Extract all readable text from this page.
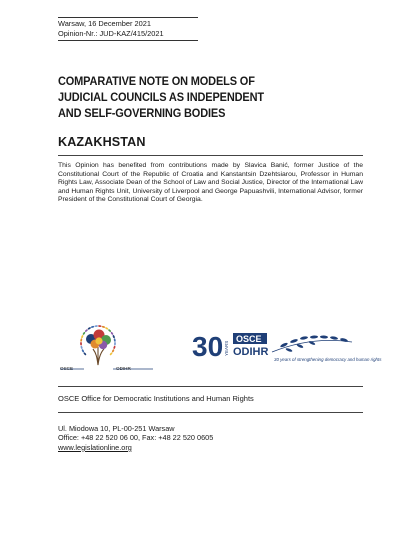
Warsaw, 16 December 2021
Opinion-Nr.: JUD-KAZ/415/2021
COMPARATIVE NOTE ON MODELS OF
JUDICIAL COUNCILS AS INDEPENDENT
AND SELF-GOVERNING BODIES
KAZAKHSTAN

This Opinion has benefited from contributions made by Slavica Banić, former Justice of the Constitutional Court of the Republic of Croatia and Kanstantsin Dzehtsiarou, Professor in Human Rights Law, Associate Dean of the School of Law and Social Justice, Director of the International Law and Human Rights Unit, University of Liverpool and George Papuashvili, International Advisor, former President of the Constitutional Court of Georgia.

OSCE	ODIHR
30 YEARS
OSCE
ODIHR
30 years of strengthening democracy and human rights
OSCE Office for Democratic Institutions and Human Rights
Ul. Miodowa 10, PL-00-251 Warsaw
Office: +48 22 520 06 00, Fax: +48 22 520 0605
www.legislationline.org
